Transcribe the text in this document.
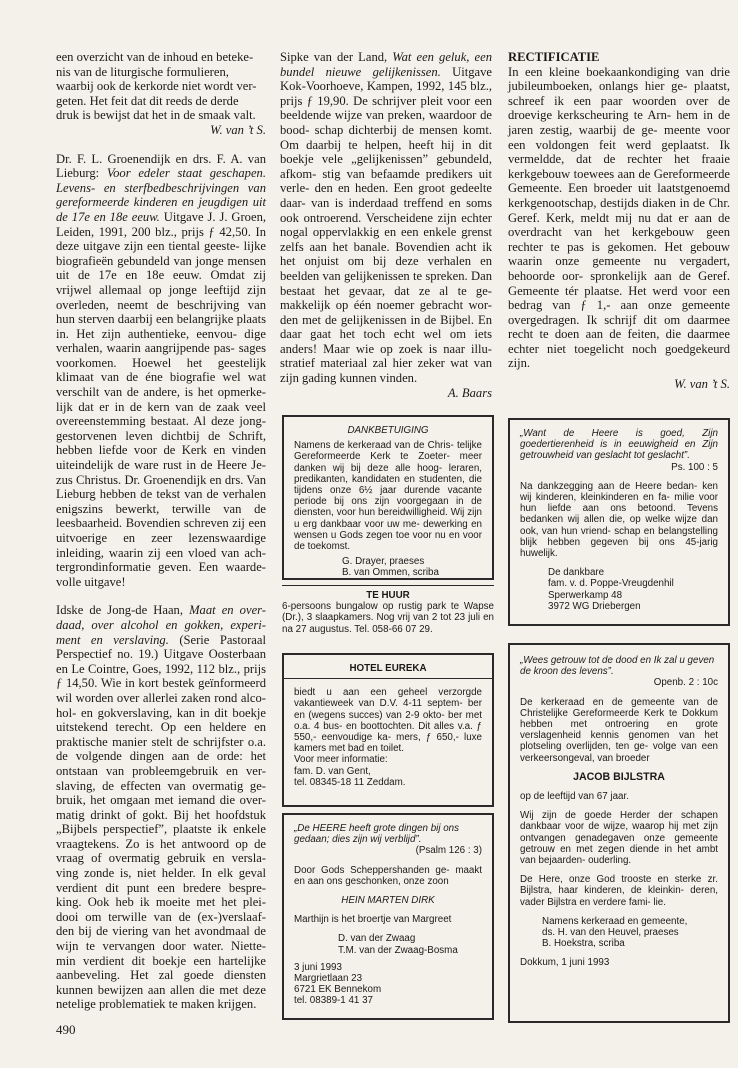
een overzicht van de inhoud en beteke-

nis van de liturgische formulieren,

waarbij ook de kerkorde niet wordt ver-

geten. Het feit dat dit reeds de derde

druk is bewijst dat het in de smaak valt.

W. van ’t S.

Dr. F. L. Groenendijk en drs. F. A. van Lieburg: Voor edeler staat geschapen. Levens- en sterfbedbeschrijvingen van gereformeerde kinderen en jeugdigen uit de 17e en 18e eeuw. Uitgave J. J. Groen, Leiden, 1991, 200 blz., prijs ƒ 42,50. In deze uitgave zijn een tiental geeste- lijke biografieën gebundeld van jonge mensen uit de 17e en 18e eeuw. Omdat zij vrijwel allemaal op jonge leeftijd zijn overleden, neemt de beschrijving van hun sterven daarbij een belangrijke plaats in. Het zijn authentieke, eenvou- dige verhalen, waarin aangrijpende pas- sages voorkomen. Hoewel het geestelijk klimaat van de éne biografie wel wat verschilt van de andere, is het opmerke- lijk dat er in de kern van de zaak veel overeenstemming bestaat. Al deze jong- gestorvenen leven dichtbij de Schrift, hebben liefde voor de Kerk en vinden uiteindelijk de ware rust in de Heere Je- zus Christus. Dr. Groenendijk en drs. Van Lieburg hebben de tekst van de verhalen enigszins bewerkt, terwille van de leesbaarheid. Bovendien schreven zij een uitvoerige en zeer lezenswaardige inleiding, waarin zij een vloed van ach- tergrondinformatie geven. Een waarde- volle uitgave!
Idske de Jong-de Haan, Maat en over- daad, over alcohol en gokken, experi- ment en verslaving. (Serie Pastoraal Perspectief no. 19.) Uitgave Oosterbaan en Le Cointre, Goes, 1992, 112 blz., prijs ƒ 14,50. Wie in kort bestek geïnformeerd wil worden over allerlei zaken rond alco- hol- en gokverslaving, kan in dit boekje uitstekend terecht. Op een heldere en praktische manier stelt de schrijfster o.a. de volgende dingen aan de orde: het ontstaan van probleemgebruik en ver- slaving, de effecten van overmatig ge- bruik, het omgaan met iemand die over- matig drinkt of gokt. Bij het hoofdstuk „Bijbels perspectief”, plaatste ik enkele vraagtekens. Zo is het antwoord op de vraag of overmatig gebruik en versla- ving zonde is, niet helder. In elk geval verdient dit punt een bredere bespre- king. Ook heb ik moeite met het plei- dooi om terwille van de (ex-)verslaaf- den bij de viering van het avondmaal de wijn te vervangen door water. Niette- min verdient dit boekje een hartelijke aanbeveling. Het zal goede diensten kunnen bewijzen aan allen die met deze netelige problematiek te maken krijgen.
Sipke van der Land, Wat een geluk, een bundel nieuwe gelijkenissen. Uitgave Kok-Voorhoeve, Kampen, 1992, 145 blz., prijs ƒ 19,90. De schrijver pleit voor een beeldende wijze van preken, waardoor de bood- schap dichterbij de mensen komt. Om daarbij te helpen, heeft hij in dit boekje vele „gelijkenissen” gebundeld, afkom- stig van befaamde predikers uit verle- den en heden. Een groot gedeelte daar- van is inderdaad treffend en soms ook ontroerend. Verscheidene zijn echter nogal oppervlakkig en een enkele grenst zelfs aan het banale. Bovendien acht ik het onjuist om bij deze verhalen en beelden van gelijkenissen te spreken. Dan bestaat het gevaar, dat ze al te ge- makkelijk op één noemer gebracht wor- den met de gelijkenissen in de Bijbel. En daar gaat het toch echt wel om iets anders! Maar wie op zoek is naar illu- stratief materiaal zal hier zeker wat van zijn gading kunnen vinden.

A. Baars

RECTIFICATIE

In een kleine boekaankondiging van drie jubileumboeken, onlangs hier ge- plaatst, schreef ik een paar woorden over de droevige kerkscheuring te Arn- hem in de jaren zestig, waarbij de ge- meente voor een voldongen feit werd geplaatst. Ik vermeldde, dat de rechter het fraaie kerkgebouw toewees aan de Gereformeerde Gemeente. Een broeder uit laatstgenoemd kerkgenootschap, destijds diaken in de Chr. Geref. Kerk, meldt mij nu dat er aan de overdracht van het kerkgebouw geen rechter te pas is gekomen. Het gebouw waarin onze gemeente nu vergadert, behoorde oor- spronkelijk aan de Geref. Gemeente tér plaatse. Het werd voor een bedrag van ƒ 1,- aan onze gemeente overgedragen. Ik schrijf dit om daarmee recht te doen aan de feiten, die daarmee echter niet toegelicht noch goedgekeurd zijn.

W. van ’t S.

DANKBETUIGING

Namens de kerkeraad van de Chris- telijke Gereformeerde Kerk te Zoeter- meer danken wij bij deze alle hoog- leraren, predikanten, kandidaten en studenten, die tijdens onze 6½ jaar durende vacante periode bij ons zijn voorgegaan in de diensten, voor hun bereidwilligheid. Wij zijn u erg dankbaar voor uw me- dewerking en wensen u Gods zegen toe voor nu en voor de toekomst.

G. Drayer, praeses

B. van Ommen, scriba

TE HUUR

6-persoons bungalow op rustig park te Wapse (Dr.), 3 slaapkamers. Nog vrij van 2 tot 23 juli en na 27 augustus. Tel. 058-66 07 29.

HOTEL EUREKA

biedt u aan een geheel verzorgde vakantieweek van D.V. 4-11 septem- ber en (wegens succes) van 2-9 okto- ber met o.a. 4 bus- en boottochten. Dit alles v.a. ƒ 550,- eenvoudige ka- mers, ƒ 650,- luxe kamers met bad en toilet.

Voor meer informatie:

fam. D. van Gent,

tel. 08345-18 11 Zeddam.

„De HEERE heeft grote dingen bij ons gedaan; dies zijn wij verblijd”.

(Psalm 126 : 3)

Door Gods Scheppershanden ge- maakt en aan ons geschonken, onze zoon

HEIN MARTEN DIRK

Marthijn is het broertje van Margreet

D. van der Zwaag

T.M. van der Zwaag-Bosma

3 juni 1993

Margrietlaan 23

6721 EK Bennekom

tel. 08389-1 41 37

„Want de Heere is goed, Zijn goedertierenheid is in eeuwigheid en Zijn getrouwheid van geslacht tot geslacht”.

Ps. 100 : 5

Na dankzegging aan de Heere bedan- ken wij kinderen, kleinkinderen en fa- milie voor hun liefde aan ons betoond. Tevens bedanken wij allen die, op welke wijze dan ook, van hun vriend- schap en belangstelling blijk hebben gegeven bij ons 45-jarig huwelijk.

De dankbare

fam. v. d. Poppe-Vreugdenhil

Sperwerkamp 48

3972 WG Driebergen

„Wees getrouw tot de dood en Ik zal u geven de kroon des levens”.

Openb. 2 : 10c

De kerkeraad en de gemeente van de Christelijke Gereformeerde Kerk te Dokkum hebben met ontroering en grote verslagenheid kennis genomen van het plotseling overlijden, ten ge- volge van een verkeersongeval, van broeder

JACOB BIJLSTRA

op de leeftijd van 67 jaar.

Wij zijn de goede Herder der schapen dankbaar voor de wijze, waarop hij met zijn ontvangen genadegaven onze gemeente getrouw en met zegen diende in het ambt van bejaarden- ouderling.

De Here, onze God trooste en sterke zr. Bijlstra, haar kinderen, de kleinkin- deren, vader Bijlstra en verdere fami- lie.

Namens kerkeraad en gemeente,

ds. H. van den Heuvel, praeses

B. Hoekstra, scriba

Dokkum, 1 juni 1993

490
